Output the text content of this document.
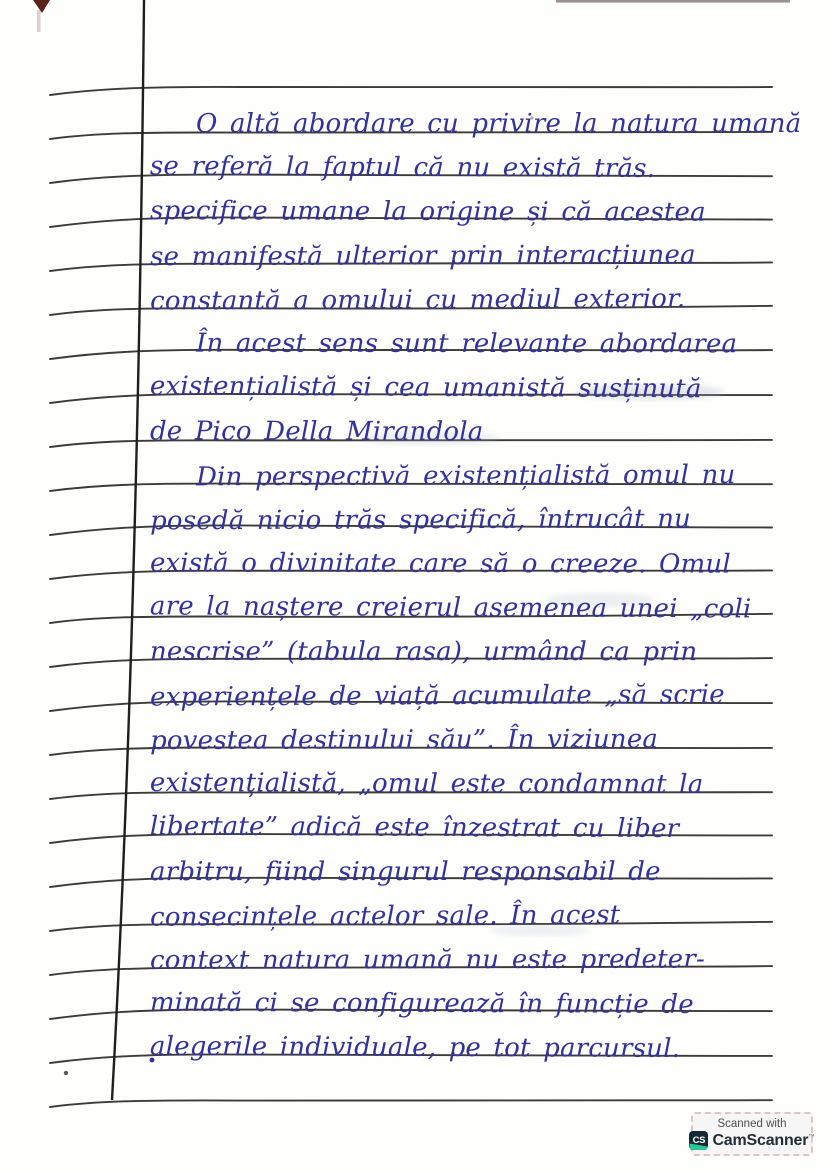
O altă abordare cu privire la natura umană
se referă la faptul că nu există trăs.
specifice umane la origine și că acestea
se manifestă ulterior prin interacțiunea
constantă a omului cu mediul exterior.
În acest sens sunt relevante abordarea
existențialistă și cea umanistă susținută
de Pico Della Mirandola
Din perspectivă existențialistă omul nu
posedă nicio trăs specifică, întrucât nu
există o divinitate care să o creeze. Omul
are la naștere creierul asemenea unei „coli
nescrise” (tabula rasa), urmând ca prin
experiențele de viață acumulate „să scrie
povestea destinului său”. În viziunea
existențialistă, „omul este condamnat la
libertate” adică este înzestrat cu liber
arbitru, fiind singurul responsabil de
consecințele actelor sale. În acest
context natura umană nu este predeter-
minată ci se configurează în funcție de
alegerile individuale, pe tot parcursul.
Scanned with
CS CamScanner™
